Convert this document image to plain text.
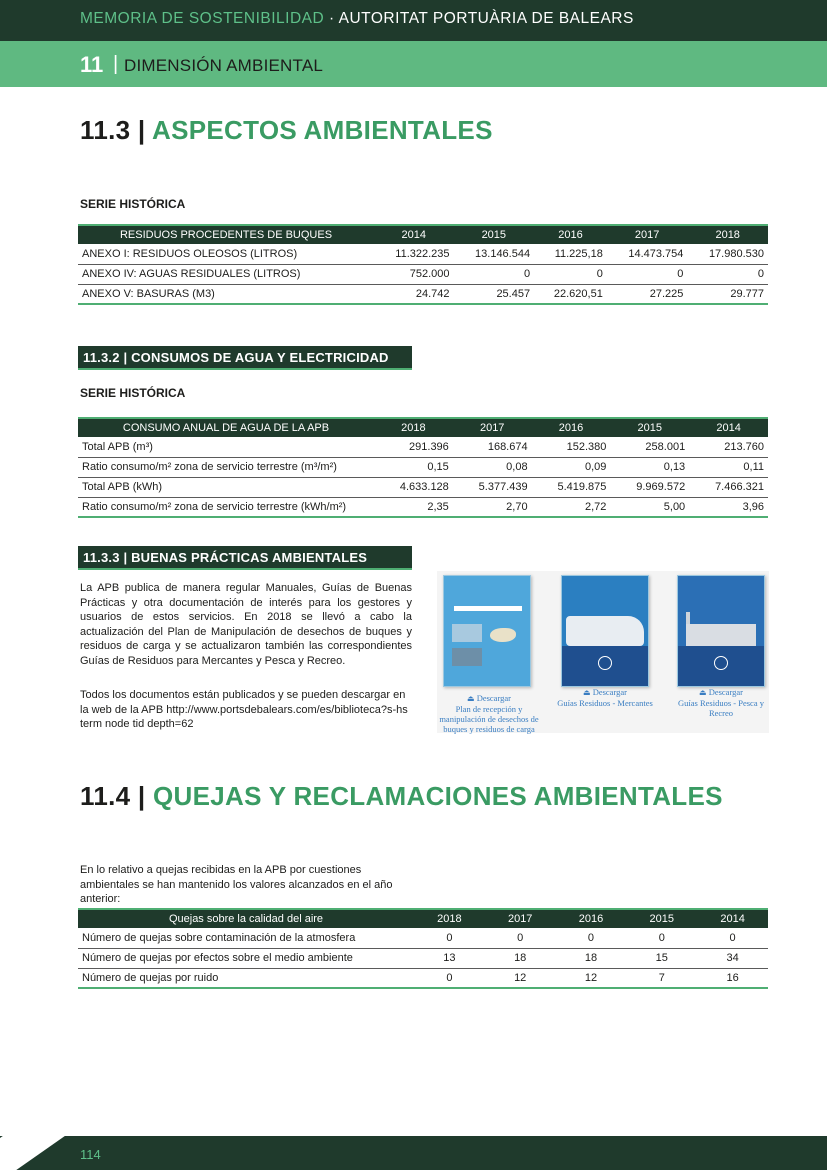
MEMORIA DE SOSTENIBILIDAD · AUTORITAT PORTUÀRIA DE BALEARS
11 | DIMENSIÓN AMBIENTAL
11.3 | ASPECTOS AMBIENTALES
SERIE HISTÓRICA
RESIDUOS PROCEDENTES DE BUQUES	2014	2015	2016	2017	2018
ANEXO I: RESIDUOS OLEOSOS (LITROS)	11.322.235	13.146.544	11.225,18	14.473.754	17.980.530
ANEXO IV: AGUAS RESIDUALES (LITROS)	752.000	0	0	0	0
ANEXO V: BASURAS (M3)	24.742	25.457	22.620,51	27.225	29.777
11.3.2 | CONSUMOS DE AGUA Y ELECTRICIDAD
SERIE HISTÓRICA
CONSUMO ANUAL DE AGUA DE LA APB	2018	2017	2016	2015	2014
Total APB (m³)	291.396	168.674	152.380	258.001	213.760
Ratio consumo/m² zona de servicio terrestre (m³/m²)	0,15	0,08	0,09	0,13	0,11
Total APB (kWh)	4.633.128	5.377.439	5.419.875	9.969.572	7.466.321
Ratio consumo/m² zona de servicio terrestre (kWh/m²)	2,35	2,70	2,72	5,00	3,96
11.3.3 | BUENAS PRÁCTICAS AMBIENTALES
La APB publica de manera regular Manuales, Guías de Buenas Prácticas y otra documentación de interés para los gestores y usuarios de estos servicios. En 2018 se llevó a cabo la actualización del Plan de Manipulación de desechos de buques y residuos de carga y se actualizaron también las correspondientes Guías de Residuos para Mercantes y Pesca y Recreo.
Todos los documentos están publicados y se pueden descargar en la web de la APB http://www.portsdebalears.com/es/biblioteca?s-hs term node tid depth=62
⏏ Descargar
Plan de recepción y manipulación de desechos de buques y residuos de carga
⏏ Descargar
Guías Residuos - Mercantes
⏏ Descargar
Guías Residuos - Pesca y Recreo
11.4 | QUEJAS Y RECLAMACIONES AMBIENTALES
En lo relativo a quejas recibidas en la APB por cuestiones ambientales se han mantenido los valores alcanzados en el año anterior:
Quejas sobre la calidad del aire	2018	2017	2016	2015	2014
Número de quejas sobre contaminación de la atmosfera	0	0	0	0	0
Número de quejas por efectos sobre el medio ambiente	13	18	18	15	34
Número de quejas por ruido	0	12	12	7	16
114
